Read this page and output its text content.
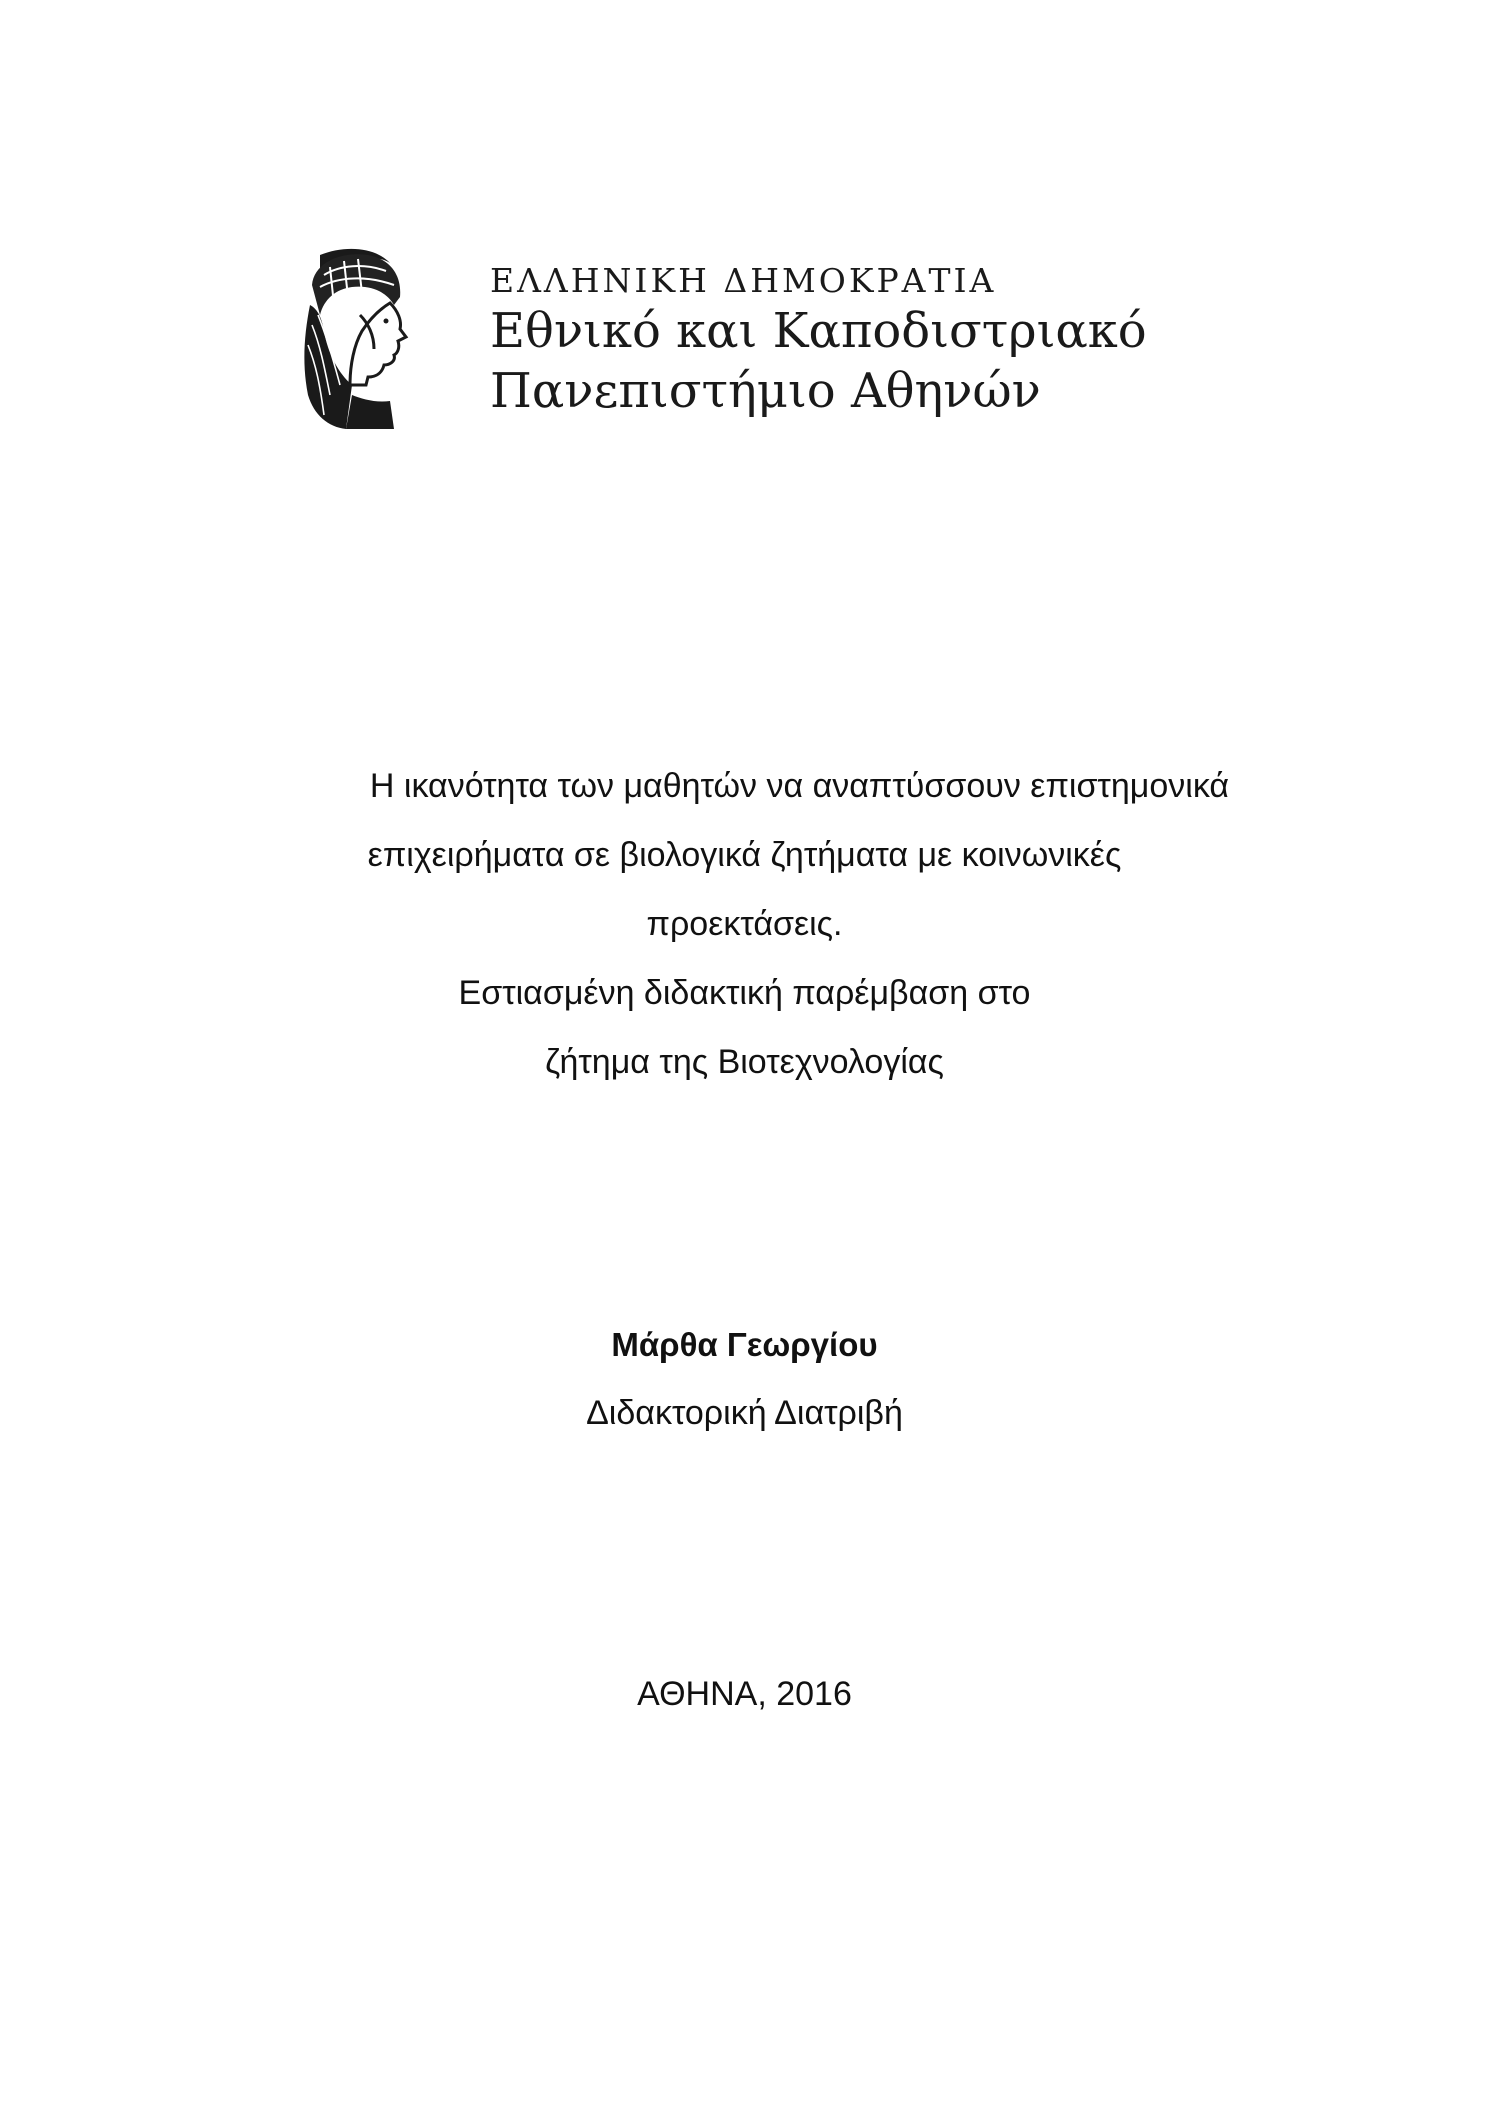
ΕΛΛΗΝΙΚΗ ΔΗΜΟΚΡΑΤΙΑ
Εθνικό και Καποδιστριακό
Πανεπιστήμιο Αθηνών
Η ικανότητα των μαθητών να αναπτύσσουν επιστημονικά
επιχειρήματα σε βιολογικά ζητήματα με κοινωνικές
προεκτάσεις.
Εστιασμένη διδακτική παρέμβαση στο
ζήτημα της Βιοτεχνολογίας
Μάρθα Γεωργίου
Διδακτορική Διατριβή
ΑΘΗΝΑ, 2016
